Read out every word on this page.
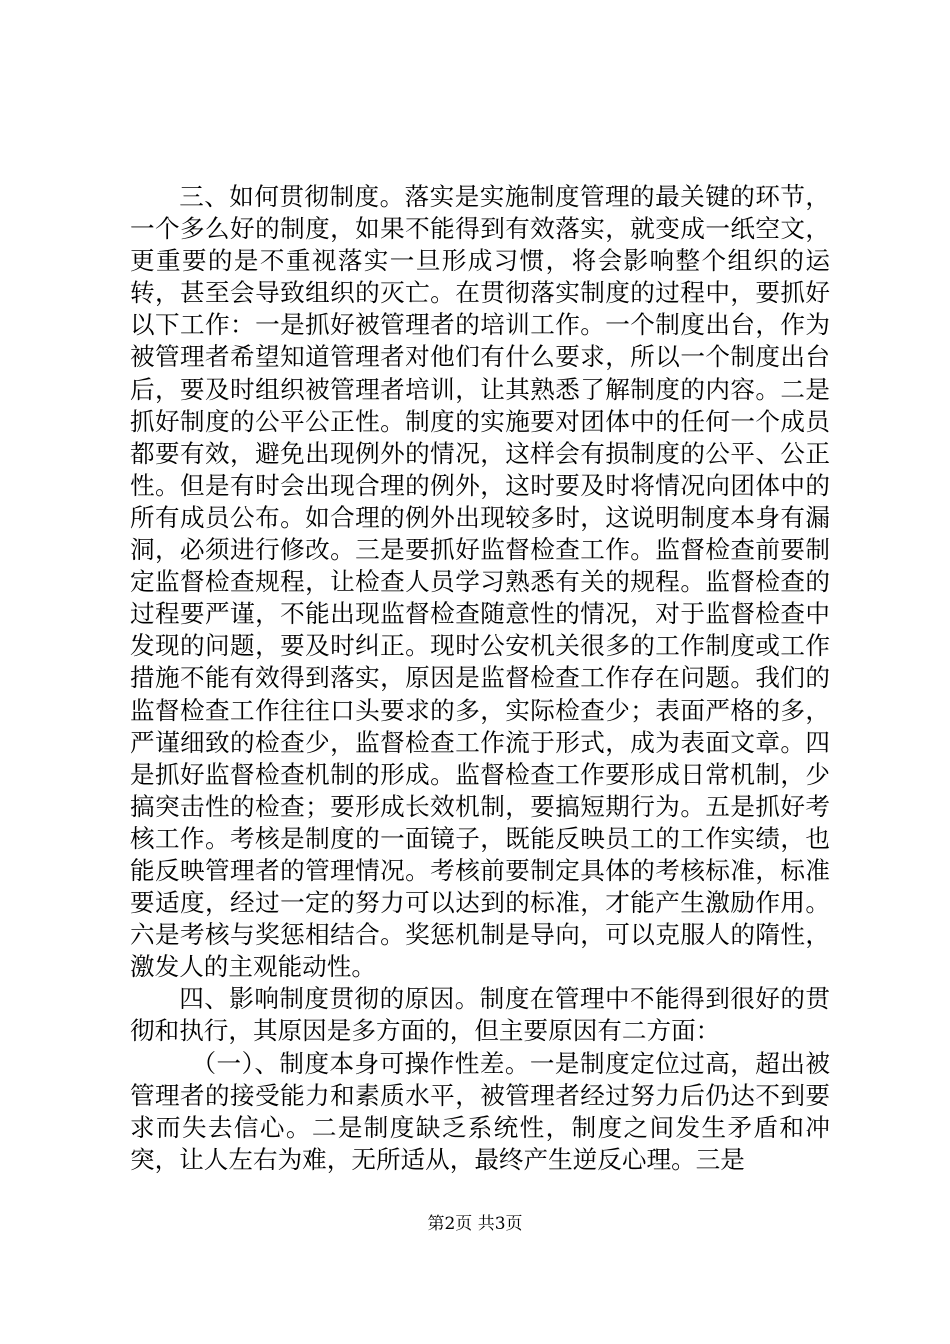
三、如何贯彻制度。落实是实施制度管理的最关键的环节，一个多么好的制度，如果不能得到有效落实，就变成一纸空文，更重要的是不重视落实一旦形成习惯，将会影响整个组织的运转，甚至会导致组织的灭亡。在贯彻落实制度的过程中，要抓好以下工作：一是抓好被管理者的培训工作。一个制度出台，作为被管理者希望知道管理者对他们有什么要求，所以一个制度出台后，要及时组织被管理者培训，让其熟悉了解制度的内容。二是抓好制度的公平公正性。制度的实施要对团体中的任何一个成员都要有效，避免出现例外的情况，这样会有损制度的公平、公正性。但是有时会出现合理的例外，这时要及时将情况向团体中的所有成员公布。如合理的例外出现较多时，这说明制度本身有漏洞，必须进行修改。三是要抓好监督检查工作。监督检查前要制定监督检查规程，让检查人员学习熟悉有关的规程。监督检查的过程要严谨，不能出现监督检查随意性的情况，对于监督检查中发现的问题，要及时纠正。现时公安机关很多的工作制度或工作措施不能有效得到落实，原因是监督检查工作存在问题。我们的监督检查工作往往口头要求的多，实际检查少；表面严格的多，严谨细致的检查少，监督检查工作流于形式，成为表面文章。四是抓好监督检查机制的形成。监督检查工作要形成日常机制，少搞突击性的检查；要形成长效机制，要搞短期行为。五是抓好考核工作。考核是制度的一面镜子，既能反映员工的工作实绩，也能反映管理者的管理情况。考核前要制定具体的考核标准，标准要适度，经过一定的努力可以达到的标准，才能产生激励作用。六是考核与奖惩相结合。奖惩机制是导向，可以克服人的隋性，激发人的主观能动性。

四、影响制度贯彻的原因。制度在管理中不能得到很好的贯彻和执行，其原因是多方面的，但主要原因有二方面：

（一）、制度本身可操作性差。一是制度定位过高，超出被管理者的接受能力和素质水平，被管理者经过努力后仍达不到要求而失去信心。二是制度缺乏系统性，制度之间发生矛盾和冲突，让人左右为难，无所适从，最终产生逆反心理。三是

第2页 共3页
